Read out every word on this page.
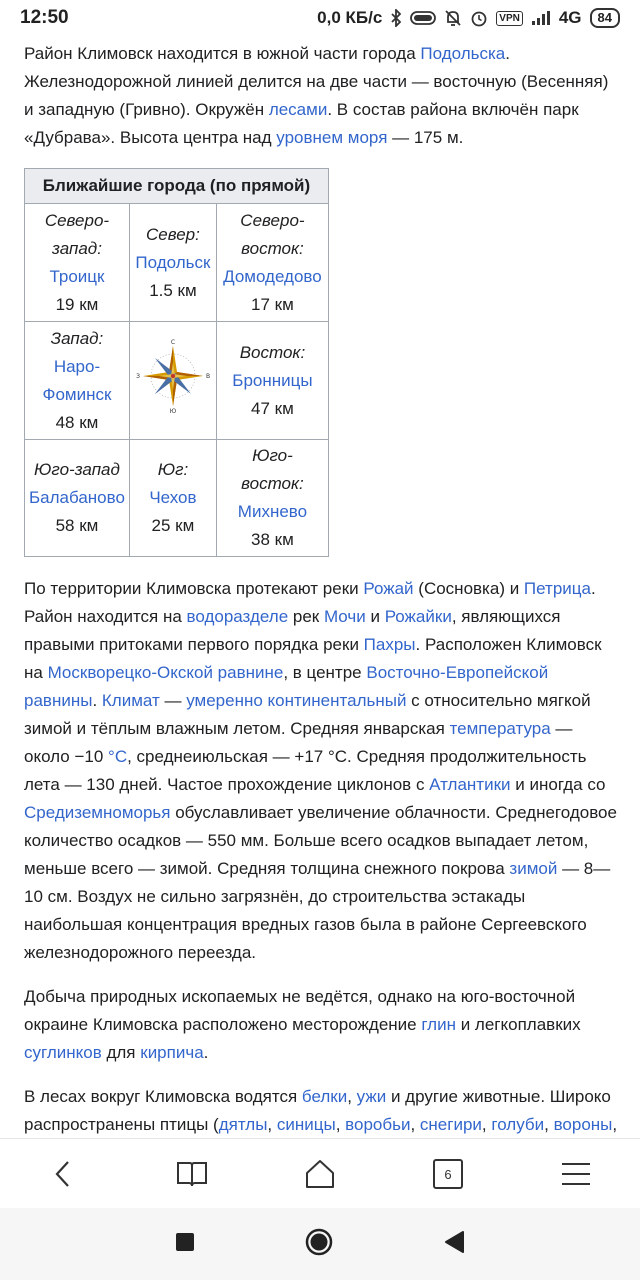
12:50	0,0 КБ/с	VPN 4G	84

Район Климовск находится в южной части города Подольска. Железнодорожной линией делится на две части — восточную (Весенняя) и западную (Гривно). Окружён лесами. В состав района включён парк «Дубрава». Высота центра над уровнем моря — 175 м.

Ближайшие города (по прямой)		

Северо-запад:
Троицк
19 км	Север:
Подольск
1.5 км	Северо-восток:
Домодедово
17 км

Запад:
Наро-Фоминск
48 км	С
Ю
З В	Восток:
Бронницы
47 км

Юго-запад
Балабаново
58 км	Юг:
Чехов
25 км	Юго-восток:
Михнево
38 км

По территории Климовска протекают реки Рожай (Сосновка) и Петрица. Район находится на водоразделе рек Мочи и Рожайки, являющихся правыми притоками первого порядка реки Пахры. Расположен Климовск на Москворецко-Окской равнине, в центре Восточно-Европейской равнины. Климат — умеренно континентальный с относительно мягкой зимой и тёплым влажным летом. Средняя январская температура — около −10 °C, среднеиюльская — +17 °C. Средняя продолжительность лета — 130 дней. Частое прохождение циклонов с Атлантики и иногда со Средиземноморья обуславливает увеличение облачности. Среднегодовое количество осадков — 550 мм. Больше всего осадков выпадает летом, меньше всего — зимой. Средняя толщина снежного покрова зимой — 8—10 см. Воздух не сильно загрязнён, до строительства эстакады наибольшая концентрация вредных газов была в районе Сергеевского железнодорожного переезда.

Добыча природных ископаемых не ведётся, однако на юго-восточной окраине Климовска расположено месторождение глин и легкоплавких суглинков для кирпича.

В лесах вокруг Климовска водятся белки, ужи и другие животные. Широко распространены птицы (дятлы, синицы, воробьи, снегири, голуби, вороны,

6
